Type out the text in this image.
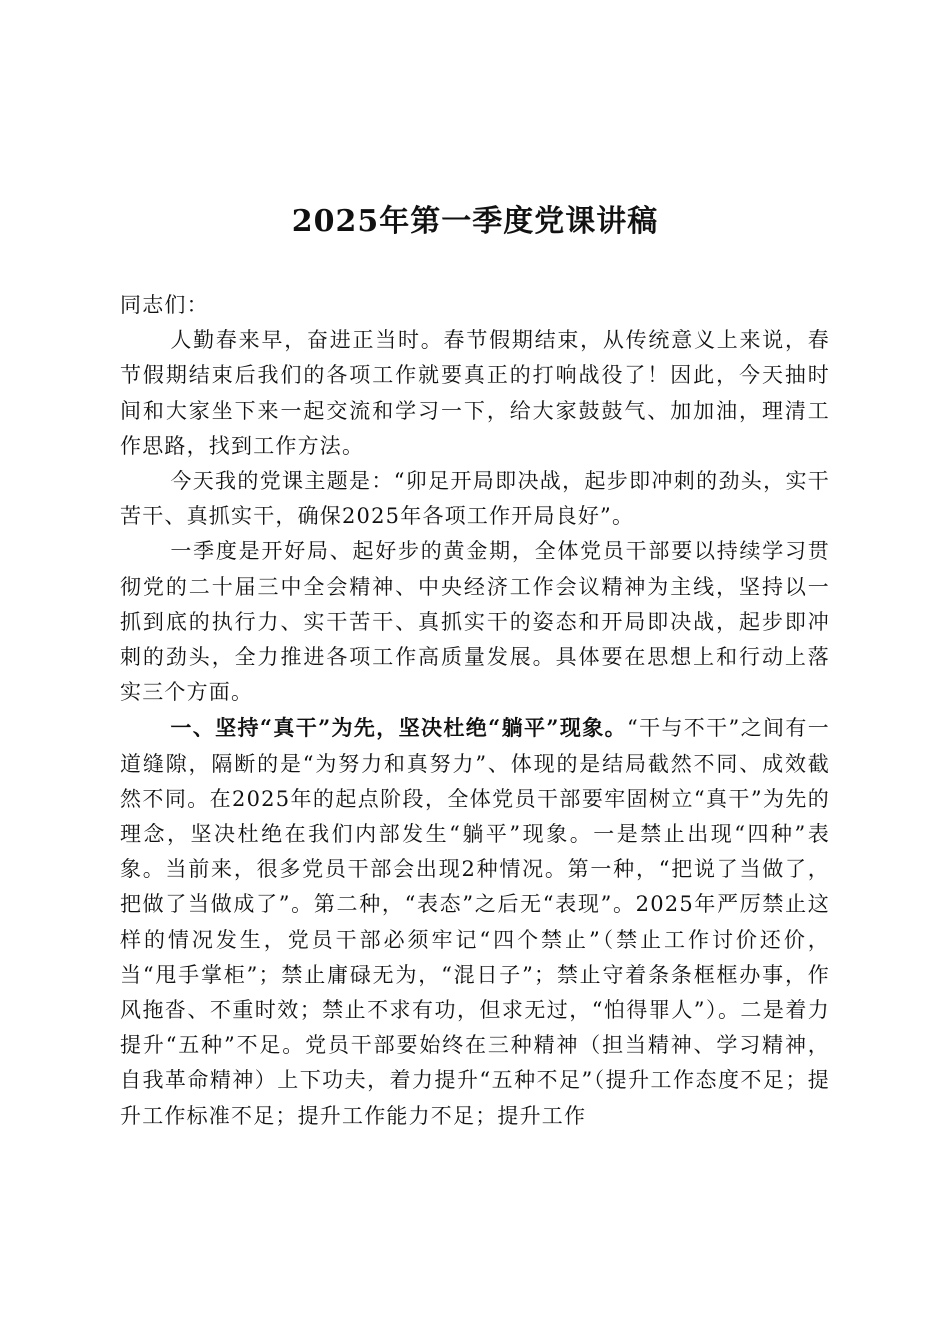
2025年第一季度党课讲稿

同志们：

人勤春来早，奋进正当时。春节假期结束，从传统意义上来说，春节假期结束后我们的各项工作就要真正的打响战役了！因此，今天抽时间和大家坐下来一起交流和学习一下，给大家鼓鼓气、加加油，理清工作思路，找到工作方法。

今天我的党课主题是：“卯足开局即决战，起步即冲刺的劲头，实干苦干、真抓实干，确保2025年各项工作开局良好”。

一季度是开好局、起好步的黄金期，全体党员干部要以持续学习贯彻党的二十届三中全会精神、中央经济工作会议精神为主线，坚持以一抓到底的执行力、实干苦干、真抓实干的姿态和开局即决战，起步即冲刺的劲头，全力推进各项工作高质量发展。具体要在思想上和行动上落实三个方面。

一、坚持“真干”为先，坚决杜绝“躺平”现象。“干与不干”之间有一道缝隙，隔断的是“为努力和真努力”、体现的是结局截然不同、成效截然不同。在2025年的起点阶段，全体党员干部要牢固树立“真干”为先的理念，坚决杜绝在我们内部发生“躺平”现象。一是禁止出现“四种”表象。当前来，很多党员干部会出现2种情况。第一种，“把说了当做了，把做了当做成了”。第二种，“表态”之后无“表现”。2025年严厉禁止这样的情况发生，党员干部必须牢记“四个禁止”（禁止工作讨价还价，当“甩手掌柜”；禁止庸碌无为，“混日子”；禁止守着条条框框办事，作风拖沓、不重时效；禁止不求有功，但求无过，“怕得罪人”）。二是着力提升“五种”不足。党员干部要始终在三种精神（担当精神、学习精神，自我革命精神）上下功夫，着力提升“五种不足”（提升工作态度不足；提升工作标准不足；提升工作能力不足；提升工作
